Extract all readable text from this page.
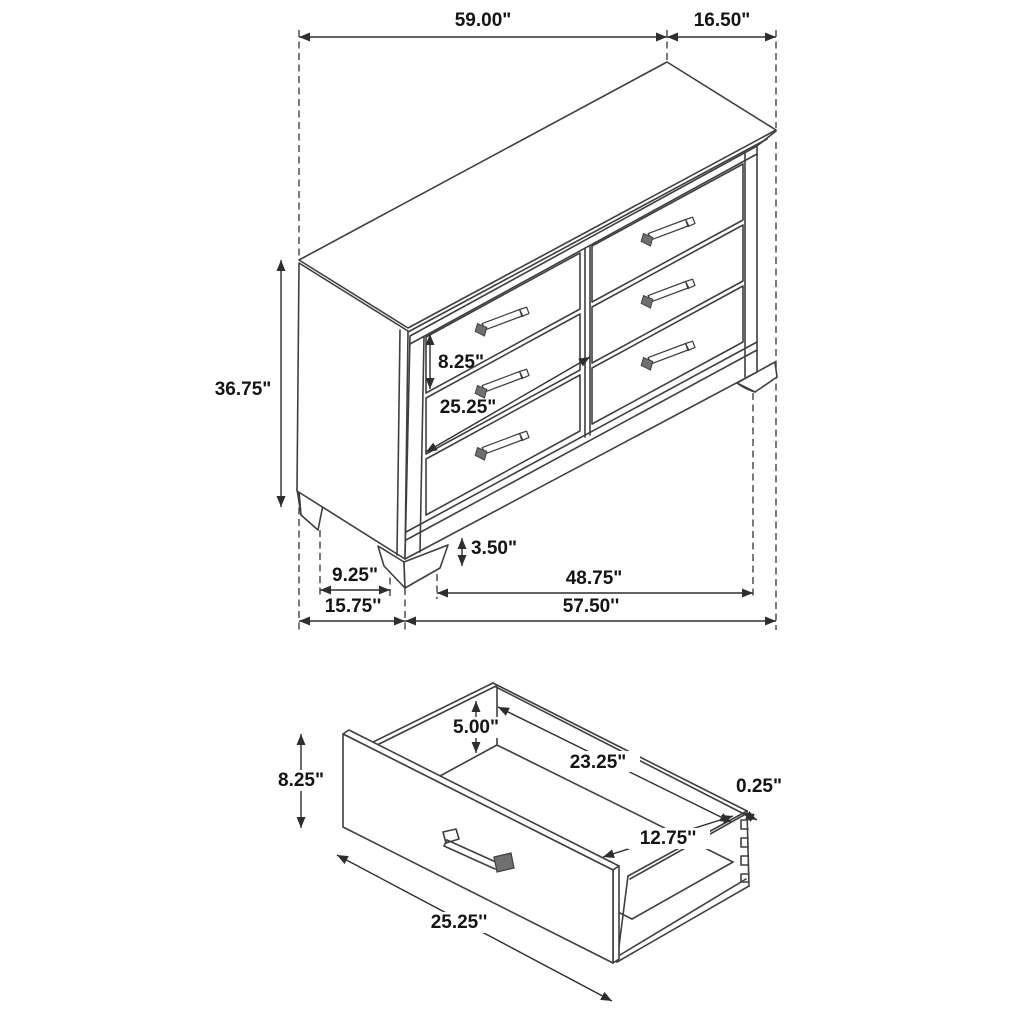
59.00"	16.50"
36.75"
8.25"
25.25"
3.50"
9.25"	48.75"
15.75''	57.50''
8.25"
5.00"
23.25"
12.75''
0.25"
25.25''
